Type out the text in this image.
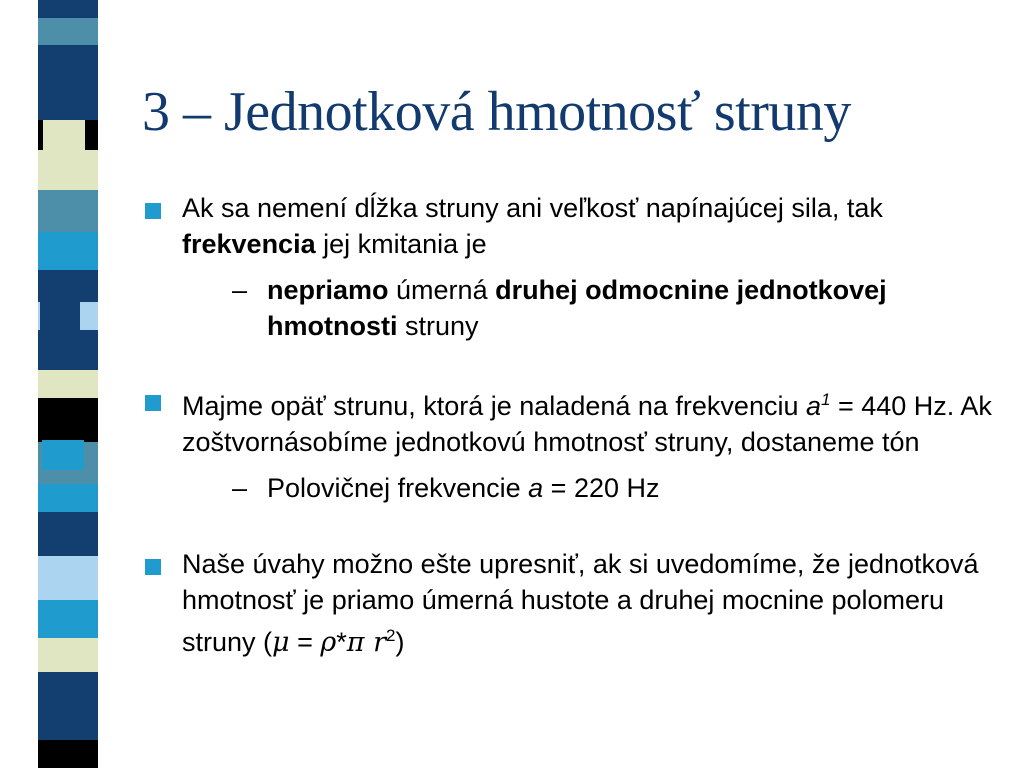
3 – Jednotková hmotnosť struny
Ak sa nemení dĺžka struny ani veľkosť napínajúcej sila, tak frekvencia jej kmitania je
– nepriamo úmerná druhej odmocnine jednotkovej hmotnosti struny
Majme opäť strunu, ktorá je naladená na frekvenciu $a^1 = 440$ Hz. Ak zoštvornásobíme jednotkovú hmotnosť struny, dostaneme tón
– Polovičnej frekvencie a = 220 Hz
Naše úvahy možno ešte upresniť, ak si uvedomíme, že jednotková hmotnosť je priamo úmerná hustote a druhej mocnine polomeru struny (μ = ρ*π $r^2$)
